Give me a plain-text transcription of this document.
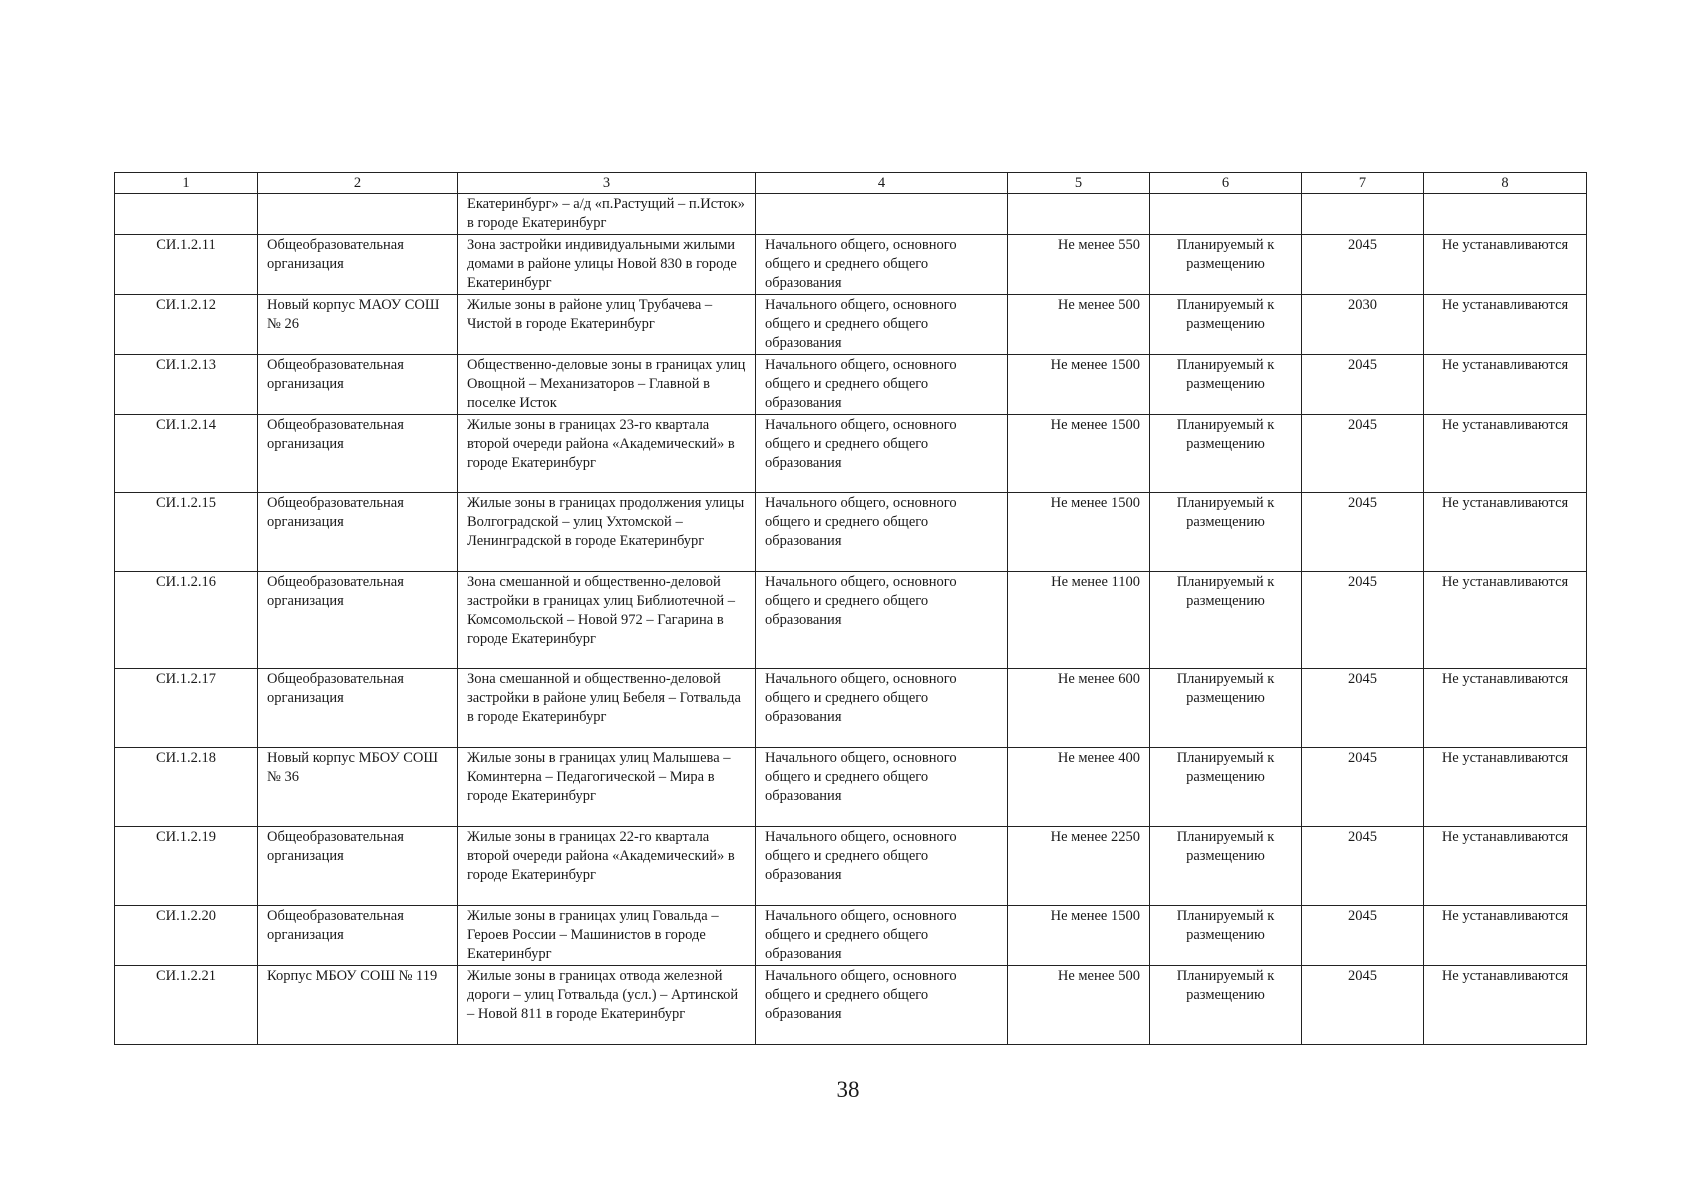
1	2	3	4	5	6	7	8
		Екатеринбург» – а/д «п.Растущий – п.Исток» в городе Екатеринбург					
СИ.1.2.11	Общеобразовательная организация	Зона застройки индивидуальными жилыми домами в районе улицы Новой 830 в городе Екатеринбург	Начального общего, основного общего и среднего общего образования	Не менее 550	Планируемый к размещению	2045	Не устанавливаются
СИ.1.2.12	Новый корпус МАОУ СОШ № 26	Жилые зоны в районе улиц Трубачева – Чистой в городе Екатеринбург	Начального общего, основного общего и среднего общего образования	Не менее 500	Планируемый к размещению	2030	Не устанавливаются
СИ.1.2.13	Общеобразовательная организация	Общественно-деловые зоны в границах улиц Овощной – Механизаторов – Главной в поселке Исток	Начального общего, основного общего и среднего общего образования	Не менее 1500	Планируемый к размещению	2045	Не устанавливаются
СИ.1.2.14	Общеобразовательная организация	Жилые зоны в границах 23-го квартала второй очереди района «Академический» в городе Екатеринбург	Начального общего, основного общего и среднего общего образования	Не менее 1500	Планируемый к размещению	2045	Не устанавливаются
СИ.1.2.15	Общеобразовательная организация	Жилые зоны в границах продолжения улицы Волгоградской – улиц Ухтомской – Ленинградской в городе Екатеринбург	Начального общего, основного общего и среднего общего образования	Не менее 1500	Планируемый к размещению	2045	Не устанавливаются
СИ.1.2.16	Общеобразовательная организация	Зона смешанной и общественно-деловой застройки в границах улиц Библиотечной – Комсомольской – Новой 972 – Гагарина в городе Екатеринбург	Начального общего, основного общего и среднего общего образования	Не менее 1100	Планируемый к размещению	2045	Не устанавливаются
СИ.1.2.17	Общеобразовательная организация	Зона смешанной и общественно-деловой застройки в районе улиц Бебеля – Готвальда в городе Екатеринбург	Начального общего, основного общего и среднего общего образования	Не менее 600	Планируемый к размещению	2045	Не устанавливаются
СИ.1.2.18	Новый корпус МБОУ СОШ № 36	Жилые зоны в границах улиц Малышева – Коминтерна – Педагогической – Мира в городе Екатеринбург	Начального общего, основного общего и среднего общего образования	Не менее 400	Планируемый к размещению	2045	Не устанавливаются
СИ.1.2.19	Общеобразовательная организация	Жилые зоны в границах 22-го квартала второй очереди района «Академический» в городе Екатеринбург	Начального общего, основного общего и среднего общего образования	Не менее 2250	Планируемый к размещению	2045	Не устанавливаются
СИ.1.2.20	Общеобразовательная организация	Жилые зоны в границах улиц Говальда – Героев России – Машинистов в городе Екатеринбург	Начального общего, основного общего и среднего общего образования	Не менее 1500	Планируемый к размещению	2045	Не устанавливаются
СИ.1.2.21	Корпус МБОУ СОШ № 119	Жилые зоны в границах отвода железной дороги – улиц Готвальда (усл.) – Артинской – Новой 811 в городе Екатеринбург	Начального общего, основного общего и среднего общего образования	Не менее 500	Планируемый к размещению	2045	Не устанавливаются
38
